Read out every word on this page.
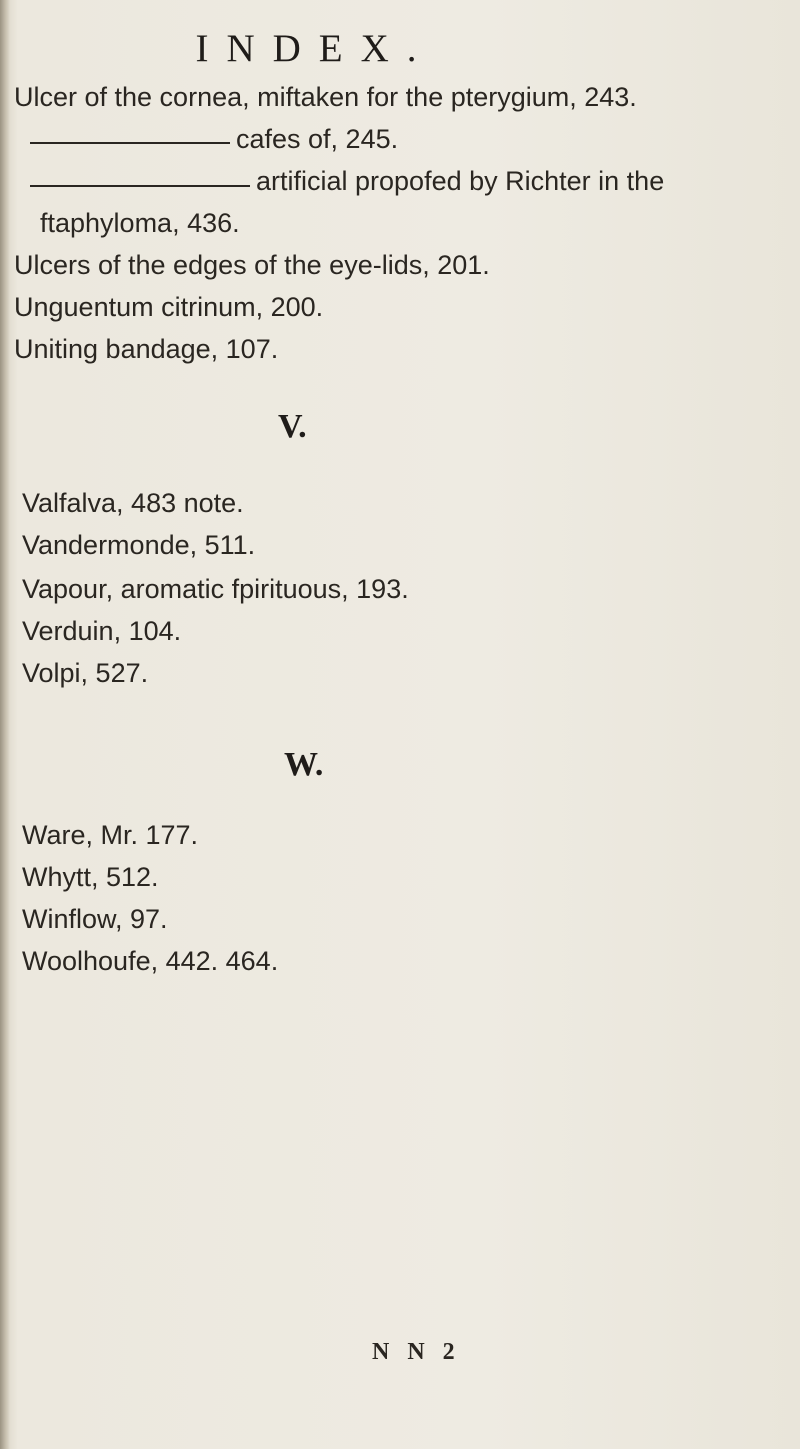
INDEX.
Ulcer of the cornea, miftaken for the pterygium, 243.
cafes of, 245.
artificial propofed by Richter in the
ftaphyloma, 436.
Ulcers of the edges of the eye-lids, 201.
Unguentum citrinum, 200.
Uniting bandage, 107.
V.
Valfalva, 483 note.
Vandermonde, 511.
Vapour, aromatic fpirituous, 193.
Verduin, 104.
Volpi, 527.
W.
Ware, Mr. 177.
Whytt, 512.
Winflow, 97.
Woolhoufe, 442. 464.
N N 2
